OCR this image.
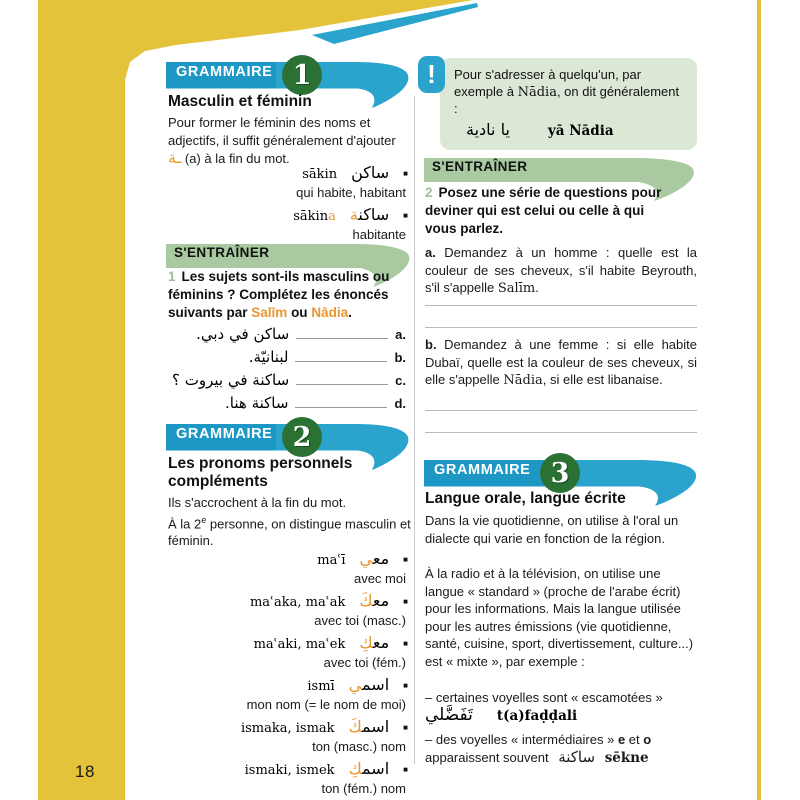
GRAMMAIRE 1
Masculin et féminin
Pour former le féminin des noms et adjectifs, il suffit généralement d'ajouter ـة (a) à la fin du mot.
sākin ساكن ■
qui habite, habitant
sākina	ساكن‍‍ة	■
habitante
S'ENTRAÎNER
1 Les sujets sont-ils masculins ou féminins ? Complétez les énoncés suivants par Salīm ou Nādia.
a.
ساكن في دبي.
b.
لبنانيّة.
c.
ساكنة في بيروت ؟
d.
ساكنة هنا.
GRAMMAIRE 2
Les pronoms personnels
compléments
Ils s'accrochent à la fin du mot.
À la 2e personne, on distingue masculin et féminin.
maʿī	مع‍‍ي	■
avec moi
maʿaka, maʿak	مع‍‍كَ	■
avec toi (masc.)
maʿaki, maʿek	مع‍‍كِ	■
avec toi (fém.)
ismī	اسم‍‍ي	■
mon nom (= le nom de moi)
ismaka, ismak	اسم‍‍كَ	■
ton (masc.) nom
ismaki, ismek	اسم‍‍كِ	■
ton (fém.) nom
Pour s'adresser à quelqu'un, par exemple à Nādia, on dit généralement :
يا نادية	yā Nādia
!
S'ENTRAÎNER
2 Posez une série de questions pour deviner qui est celui ou celle à qui vous parlez.
a. Demandez à un homme : quelle est la couleur de ses cheveux, s'il habite Beyrouth, s'il s'appelle Salīm.
b. Demandez à une femme : si elle habite Dubaï, quelle est la couleur de ses cheveux, si elle s'appelle Nādia, si elle est libanaise.
GRAMMAIRE 3
Langue orale, langue écrite
Dans la vie quotidienne, on utilise à l'oral un dialecte qui varie en fonction de la région.
À la radio et à la télévision, on utilise une langue « standard » (proche de l'arabe écrit) pour les informations. Mais la langue utilisée pour les autres émissions (vie quotidienne, santé, cuisine, sport, divertissement, culture...) est « mixte », par exemple :
– certaines voyelles sont « escamotées »
تَفَضَّلي t(a)faḍḍali
– des voyelles « intermédiaires » e et o apparaissent souvent ساكنة sēkne
18
